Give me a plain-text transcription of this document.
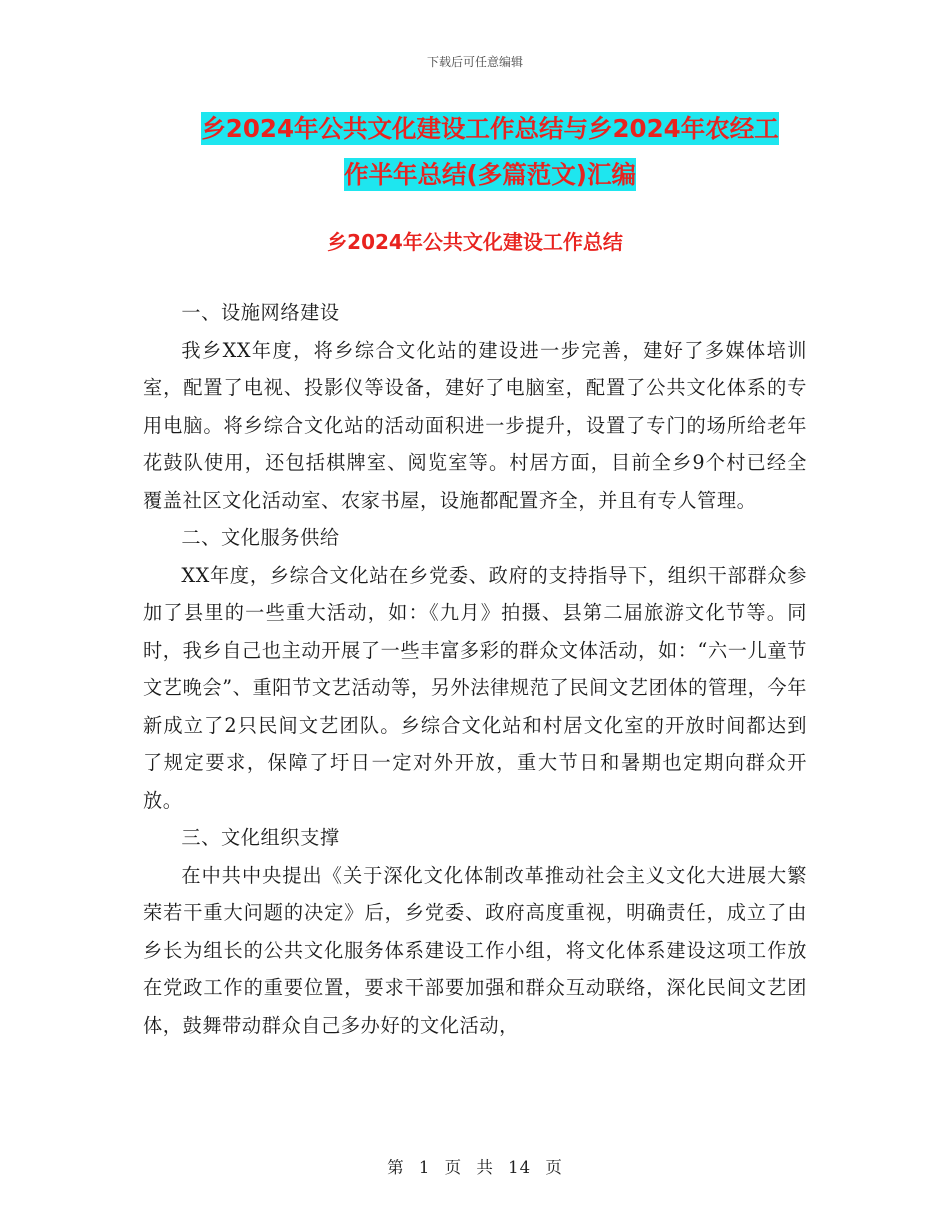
下载后可任意编辑
乡2024年公共文化建设工作总结与乡2024年农经工
作半年总结(多篇范文)汇编
乡2024年公共文化建设工作总结

一、设施网络建设

我乡XX年度，将乡综合文化站的建设进一步完善，建好了多媒体培训室，配置了电视、投影仪等设备，建好了电脑室，配置了公共文化体系的专用电脑。将乡综合文化站的活动面积进一步提升，设置了专门的场所给老年花鼓队使用，还包括棋牌室、阅览室等。村居方面，目前全乡9个村已经全覆盖社区文化活动室、农家书屋，设施都配置齐全，并且有专人管理。

二、文化服务供给

XX年度，乡综合文化站在乡党委、政府的支持指导下，组织干部群众参加了县里的一些重大活动，如：《九月》拍摄、县第二届旅游文化节等。同时，我乡自己也主动开展了一些丰富多彩的群众文体活动，如：“六一儿童节文艺晚会”、重阳节文艺活动等，另外法律规范了民间文艺团体的管理，今年新成立了2只民间文艺团队。乡综合文化站和村居文化室的开放时间都达到了规定要求，保障了圩日一定对外开放，重大节日和暑期也定期向群众开放。

三、文化组织支撑

在中共中央提出《关于深化文化体制改革推动社会主义文化大进展大繁荣若干重大问题的决定》后，乡党委、政府高度重视，明确责任，成立了由乡长为组长的公共文化服务体系建设工作小组，将文化体系建设这项工作放在党政工作的重要位置，要求干部要加强和群众互动联络，深化民间文艺团体，鼓舞带动群众自己多办好的文化活动，

第 1 页 共 14 页
